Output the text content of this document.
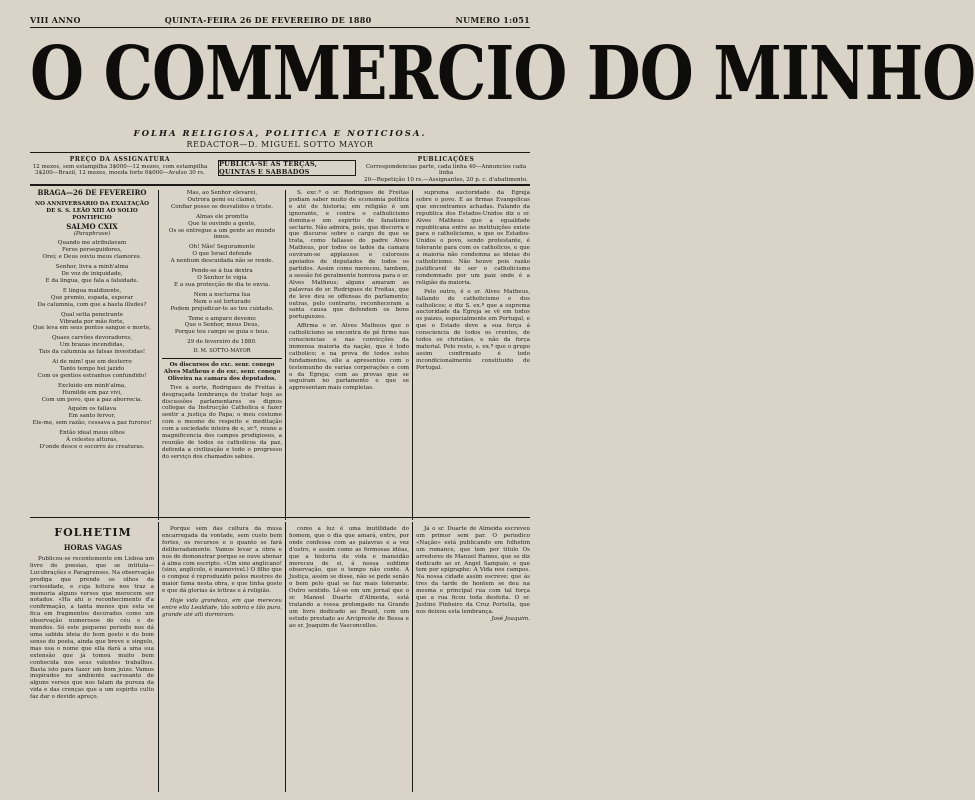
VIII ANNO	QUINTA-FEIRA 26 DE FEVEREIRO DE 1880	NUMERO 1:051
O COMMERCIO DO MINHO
FOLHA RELIGIOSA, POLITICA E NOTICIOSA.
REDACTOR—D. MIGUEL SOTTO MAYOR
PREÇO DA ASSIGNATURA
12 mezes, sem estampilha 3$000—12 mezes, com estampilha
3$200—Brazil, 12 mezes, moeda forte 6$000—Avulso 30 rs.
PUBLICA-SE ÁS TERÇAS, QUINTAS E SABBADOS
PUBLICAÇÕES
Correspondencias parte, cada linha 40—Annuncios cada linha
20—Repetição 10 rs.—Assignantes, 20 p. c. d'abatimento.
BRAGA—26 DE FEVEREIRO
NO ANNIVERSARIO DA EXALTAÇÃO DE S. S. LEÃO XIII AO SOLIO PONTIFICIO
SALMO CXIX
(Paraphrase)
Quando me atribulavam
Feros perseguidores,
Orei; e Deus ouviu meus clamores.
Senhor, livra a minh'alma
De voz de iniquidade,
E da lingua, que fala a falsidade.
E lingua maldizente,
Que premio, espada, esperar
Da calumnia, com que a basta illudes?
Qual setta penetrante
Vibrada por mão forte,
Que leva em seus pontos sangue e morte,
Quaes carvões devoradores,
Um brazas incendidas,
Tais da calumnia as falsas investidas!
Ai de mim! que em desterro
Tanto tempo hei jazido
Com os gentios estranhos confundido!
Excluido em minh'alma,
Humilde em paz vivi,
Com um povo, que a paz aborrecia.
Aquém os fallava
Em santo fervor,
Ele-me, sem razão, cessava a paz furores!
Então ideal meus olhos
Á celestes alturas,
D'onde desce o socorro ás creaturas.
Mas, ao Senhor elevarei,
Outrora gemi eu clamei,
Confiar posso os desvalidos o triste.
Almas ele promtta
Que te ouvindo a gente,
Os se entregue a um gente ao mundo innos.
Oh! Não! Seguramente
O que Israel defende
A nenhum descuidada não se rende.
Pende-se á tua dextra
O Senhor te vigia
E a sua protecção de dia te envia.
Nem a nocturna lua
Nem o sol torturado
Podem prejudicar-te ao teu cuidado.
Teme o amparo devemo
Que o Senhor, meus Deus,
Porque teu campo se guia o teus.
29 de fevereiro de 1880.
D. M. SOTTO-MAYOR
Os discursos do exc. senr. conego Alves Matheus e do exc. senr. conego Oliveira na camara dos deputados.
Tive a sorte, Rodrigues de Freitas à desgraçada lembrança de tratar hoje as discussões parlamentares os dignos collegas da Instrucção Catholica e fazer sentir a justiça do Papa; o meu costume com o mesmo de respeito e meditação com a sociedade inteira de e, sr.ª, reune a magnificencia dos campos prodigiosos, a reunião de todos os catholicos da paz, defenda a civilização e todo o progresso do serviço dos chamados sabios.
S. exc.ª o sr. Rodrigues de Freitas podiam saber muito de economia politica e até de historia; em religião é um ignorante, e contra o catholicismo domina-o um espirito de fanatismo sectario. Não admira, pois, que discorra e que discurse sobre o cargo de que se trata, como fallasse do padre Alves Matheus, por todos os lados da camara ouviram-se applausos e calorosos apoiados de deputados de todos os partidos. Assim como mereceu, tambem, a sessão foi geralmente honrosa para o sr. Alves Matheus; alguns amaram as palavras do sr. Rodrigues de Freitas, que de leve deu se offensas do parlamento; outras, pelo contrario, reconheceram a santa causa que defendem os bons portuguezes.
Affirma o sr. Alves Matheus que o catholicismo se encontra de pé firme nas consciencias e nas convicções da immensa maioria da nação, que é todo catholico; e na prova de todos estes fundamentos, elle a apresentou com o testemunho de varias corporações e com o da Egreja; com as provas que se seguiram no parlamento e que se appresentam mais completas.
suprema auctoridade da Egreja sobre o povo. E as firmas Evangelicas que encontramos achadas. Falando da republica dos Estados-Unidos diz o sr. Alves Matheus que a egualdade republicana entre as instituições existe para o catholicismo, e que os Estados-Unidos o povo, sendo protestante, é tolerante para com os catholicos, e que a maioria não condemna as ideias do catholicismo. Não houve pois razão justificavel de ser o catholicismo condemnado por um paiz onde é a religião da maioria.
Pelo outro, é o sr. Alves Matheus, fallando do catholicismo e dos catholicos; e diz S. ex.ª que a suprema auctoridade da Egreja se vê em todos os paizes, especialmente em Portugal, e que o Estado deve a sua força á consciencia de todos os crentes, de todos os christãos, e não da força material. Pelo resto, s. ex.ª que o grupo assim confirmado é todo incondicionalmente constituido de Portugal.
FOLHETIM
HORAS VAGAS
Publicou-se recentemente em Lisboa um livro de poesias, que se intitula—Lucubrações e Paragrenses. Na observação prodiga que prende os olhos da curiosidade, e cuja leitura nos traz a memoria alguns versos que merecem ser notados. «Ha ahi o reconhecimento d'a confirmação, a tanta menos que esta se fica em fragmentos decorados como um observação numerosos do céu e de mundos. Só este pequeno periodo nos dá uma sabida ideia do bom gosto e do bom senso do poeta, ainda que breve e singelo, mas usa o nome que ella dará a uma sua extensão que já tomou muito bem conhecida nos seus valentes trabalhos. Basta isto para fazer um bom juizo. Vamos inspirados no ambiente sacrosanto de alguns versos que nos falam da pureza da vida e das crenças que a um espirito culto faz dar o devido apreço.
Porque sem das cultura da musa encarregada da vontade, sem custo bem fortes, os recursos e o quanto se fará deliberadamente. Vamos levar a obra e nos de demonstrar porque se ouve abonar á alma com escripto. «Um sino anglicano! (sino, anglicolo, é inamovivel.) O filho que o compoz é reproduzido pelos mestres de maior fama nesta obra, e que tinha gosto e que dá glorias ás lettras e á religião.
Hoje vida grandeza, em que mereceu entre ella Lealdade, tão sobria e tão pura, grande até alli dormiram.
como a luz é uma inutilidade do homem, que o dia que amará, entre, por onde confessa com as palavras e a vez d'ostro, e assim como as formosas idéas, que a historia de vida e mansidão mereceu de si, á nossa sublime observação, que o tempo não conte. A Justiça, assim se disse, não se pede senão o bem pelo qual se faz mais tolerante. Outro sentido. Lê-se em um jornal que o sr. Manoel Duarte d'Almeida, está tratando a vossa prolongado na Grande um livro dedicado ao Brazil, com um estudo prestado ao Arcipreste de Bessa e ao sr. Joaquim de Vasconcellos.
Já o sr. Duarte de Almeida escreveu um primor sem par. O periodico «Nação» está publicando em folhetim um romance, que tem por titulo Os arredores de Manuel Ramos, que se diz dedicado ao sr. Angel Sampaio, e que tem por epigraphe: A Vida nos campos. Na nossa cidade assim escreve: que ás tres da tarde de hontem se deu na mesma e principal rua com tal força que a rua ficou toda desfeita. O sr. Justino Pinheiro da Cruz Portella, que nos deixou esta lembrança.
José Joaquim.
